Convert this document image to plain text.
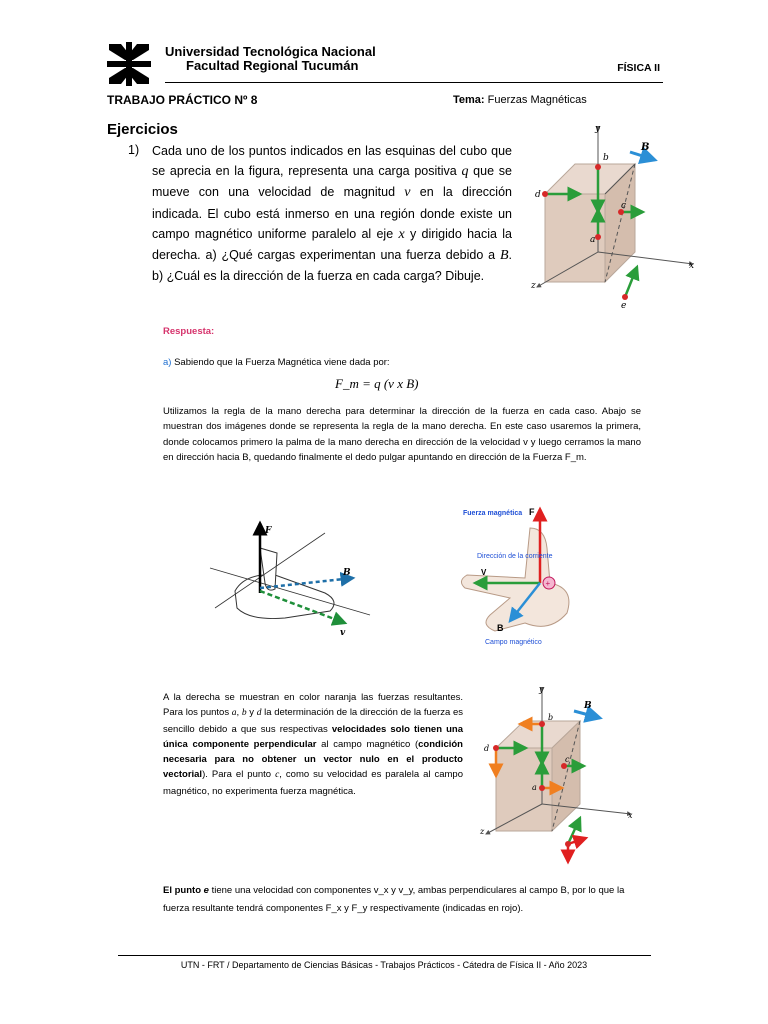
Universidad Tecnológica Nacional
Facultad Regional Tucumán	FÍSICA II
TRABAJO PRÁCTICO Nº 8	Tema: Fuerzas Magnéticas
Ejercicios
1) Cada uno de los puntos indicados en las esquinas del cubo que se aprecia en la figura, representa una carga positiva q que se mueve con una velocidad de magnitud v en la dirección indicada. El cubo está inmerso en una región donde existe un campo magnético uniforme paralelo al eje x y dirigido hacia la derecha. a) ¿Qué cargas experimentan una fuerza debido a B. b) ¿Cuál es la dirección de la fuerza en cada carga? Dibuje.
y
x
z
b
d
a
c
e
B
Respuesta:
a) Sabiendo que la Fuerza Magnética viene dada por:
F_m = q (v x B)
Utilizamos la regla de la mano derecha para determinar la dirección de la fuerza en cada caso. Abajo se muestran dos imágenes donde se representa la regla de la mano derecha. En este caso usaremos la primera, donde colocamos primero la palma de la mano derecha en dirección de la velocidad v y luego cerramos la mano en dirección hacia B, quedando finalmente el dedo pulgar apuntando en dirección de la Fuerza F_m.
F
B
v
+
Fuerza magnética F
Dirección de la corriente
V
B
Campo magnético
A la derecha se muestran en color naranja las fuerzas resultantes. Para los puntos a, b y d la determinación de la dirección de la fuerza es sencillo debido a que sus respectivas velocidades solo tienen una única componente perpendicular al campo magnético (condición necesaria para no obtener un vector nulo en el producto vectorial). Para el punto c, como su velocidad es paralela al campo magnético, no experimenta fuerza magnética.
y
x
z
b
d
a
c
B
El punto e tiene una velocidad con componentes v_x y v_y, ambas perpendiculares al campo B, por lo que la fuerza resultante tendrá componentes F_x y F_y respectivamente (indicadas en rojo).
UTN - FRT / Departamento de Ciencias Básicas - Trabajos Prácticos - Cátedra de Física II - Año 2023
